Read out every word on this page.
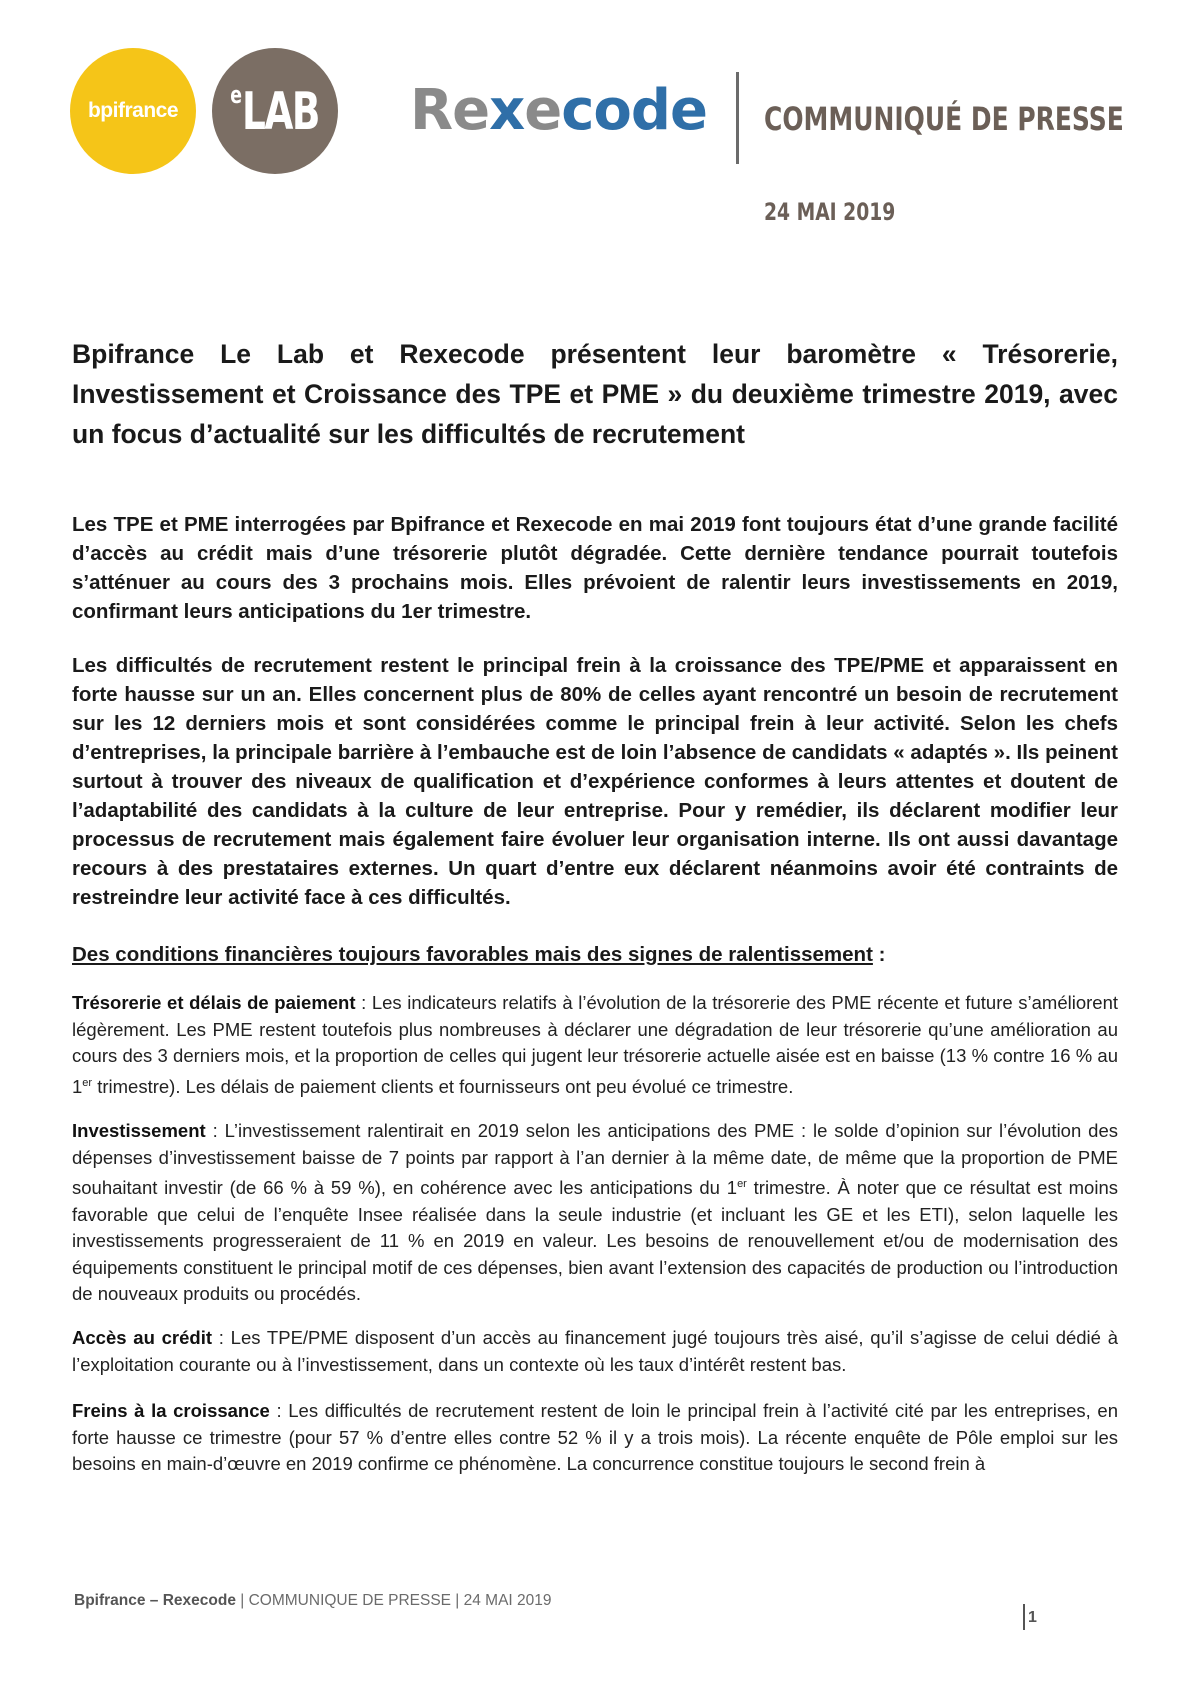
bpifrance
$^e$LAB Rexecode COMMUNIQUÉ DE PRESSE
24 MAI 2019
Bpifrance Le Lab et Rexecode présentent leur baromètre « Trésorerie, Investissement et Croissance des TPE et PME » du deuxième trimestre 2019, avec un focus d’actualité sur les difficultés de recrutement

Les TPE et PME interrogées par Bpifrance et Rexecode en mai 2019 font toujours état d’une grande facilité d’accès au crédit mais d’une trésorerie plutôt dégradée. Cette dernière tendance pourrait toutefois s’atténuer au cours des 3 prochains mois. Elles prévoient de ralentir leurs investissements en 2019, confirmant leurs anticipations du 1er trimestre.

Les difficultés de recrutement restent le principal frein à la croissance des TPE/PME et apparaissent en forte hausse sur un an. Elles concernent plus de 80% de celles ayant rencontré un besoin de recrutement sur les 12 derniers mois et sont considérées comme le principal frein à leur activité. Selon les chefs d’entreprises, la principale barrière à l’embauche est de loin l’absence de candidats « adaptés ». Ils peinent surtout à trouver des niveaux de qualification et d’expérience conformes à leurs attentes et doutent de l’adaptabilité des candidats à la culture de leur entreprise. Pour y remédier, ils déclarent modifier leur processus de recrutement mais également faire évoluer leur organisation interne. Ils ont aussi davantage recours à des prestataires externes. Un quart d’entre eux déclarent néanmoins avoir été contraints de restreindre leur activité face à ces difficultés.

Des conditions financières toujours favorables mais des signes de ralentissement :

Trésorerie et délais de paiement : Les indicateurs relatifs à l’évolution de la trésorerie des PME récente et future s’améliorent légèrement. Les PME restent toutefois plus nombreuses à déclarer une dégradation de leur trésorerie qu’une amélioration au cours des 3 derniers mois, et la proportion de celles qui jugent leur trésorerie actuelle aisée est en baisse (13 % contre 16 % au 1er trimestre). Les délais de paiement clients et fournisseurs ont peu évolué ce trimestre.

Investissement : L’investissement ralentirait en 2019 selon les anticipations des PME : le solde d’opinion sur l’évolution des dépenses d’investissement baisse de 7 points par rapport à l’an dernier à la même date, de même que la proportion de PME souhaitant investir (de 66 % à 59 %), en cohérence avec les anticipations du 1er trimestre. À noter que ce résultat est moins favorable que celui de l’enquête Insee réalisée dans la seule industrie (et incluant les GE et les ETI), selon laquelle les investissements progresseraient de 11 % en 2019 en valeur. Les besoins de renouvellement et/ou de modernisation des équipements constituent le principal motif de ces dépenses, bien avant l’extension des capacités de production ou l’introduction de nouveaux produits ou procédés.

Accès au crédit : Les TPE/PME disposent d’un accès au financement jugé toujours très aisé, qu’il s’agisse de celui dédié à l’exploitation courante ou à l’investissement, dans un contexte où les taux d’intérêt restent bas.

Freins à la croissance : Les difficultés de recrutement restent de loin le principal frein à l’activité cité par les entreprises, en forte hausse ce trimestre (pour 57 % d’entre elles contre 52 % il y a trois mois). La récente enquête de Pôle emploi sur les besoins en main-d’œuvre en 2019 confirme ce phénomène. La concurrence constitue toujours le second frein à

Bpifrance – Rexecode | COMMUNIQUE DE PRESSE | 24 MAI 2019
1
